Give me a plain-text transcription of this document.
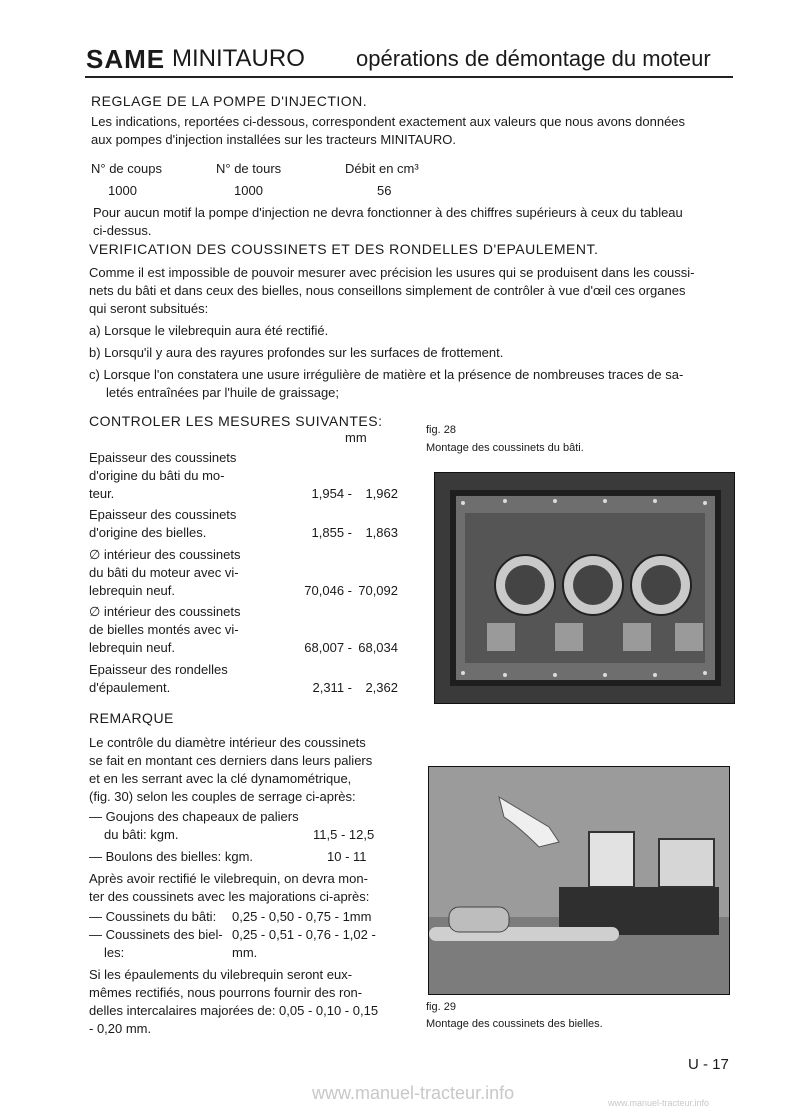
SAME MINITAURO opérations de démontage du moteur
REGLAGE DE LA POMPE D'INJECTION.
Les indications, reportées ci-dessous, correspondent exactement aux valeurs que nous avons données
aux pompes d'injection installées sur les tracteurs MINITAURO.
N° de coups	N° de tours	Débit en cm³
1000	1000	56
Pour aucun motif la pompe d'injection ne devra fonctionner à des chiffres supérieurs à ceux du tableau
ci-dessus.
VERIFICATION DES COUSSINETS ET DES RONDELLES D'EPAULEMENT.
Comme il est impossible de pouvoir mesurer avec précision les usures qui se produisent dans les coussi-
nets du bâti et dans ceux des bielles, nous conseillons simplement de contrôler à vue d'œil ces organes
qui seront subsitués:
a) Lorsque le vilebrequin aura été rectifié.
b) Lorsqu'il y aura des rayures profondes sur les surfaces de frottement.
c) Lorsque l'on constatera une usure irrégulière de matière et la présence de nombreuses traces de sa-
letés entraînées par l'huile de graissage;
CONTROLER LES MESURES SUIVANTES:
mm
Epaisseur des coussinets
d'origine du bâti du mo-
teur.	1,954 -	1,962
Epaisseur des coussinets
d'origine des bielles.	1,855 -	1,863
∅ intérieur des coussinets
du bâti du moteur avec vi-
lebrequin neuf.	70,046 - 70,092
∅ intérieur des coussinets
de bielles montés avec vi-
lebrequin neuf.	68,007 - 68,034
Epaisseur des rondelles
d'épaulement.	2,311 -	2,362
REMARQUE
Le contrôle du diamètre intérieur des coussinets
se fait en montant ces derniers dans leurs paliers
et en les serrant avec la clé dynamométrique,
(fig. 30) selon les couples de serrage ci-après:
— Goujons des chapeaux de paliers
du bâti: kgm.	11,5 - 12,5
— Boulons des bielles: kgm.	10 - 11
Après avoir rectifié le vilebrequin, on devra mon-
ter des coussinets avec les majorations ci-après:
— Coussinets du bâti: 0,25 - 0,50 - 0,75 - 1mm
— Coussinets des biel- 0,25 - 0,51 - 0,76 - 1,02 -
les:	mm.
Si les épaulements du vilebrequin seront eux-
mêmes rectifiés, nous pourrons fournir des ron-
delles intercalaires majorées de: 0,05 - 0,10 - 0,15
- 0,20 mm.
fig. 28
Montage des coussinets du bâti.
fig. 29
Montage des coussinets des bielles.
U - 17
www.manuel-tracteur.info	www.manuel-tracteur.info
